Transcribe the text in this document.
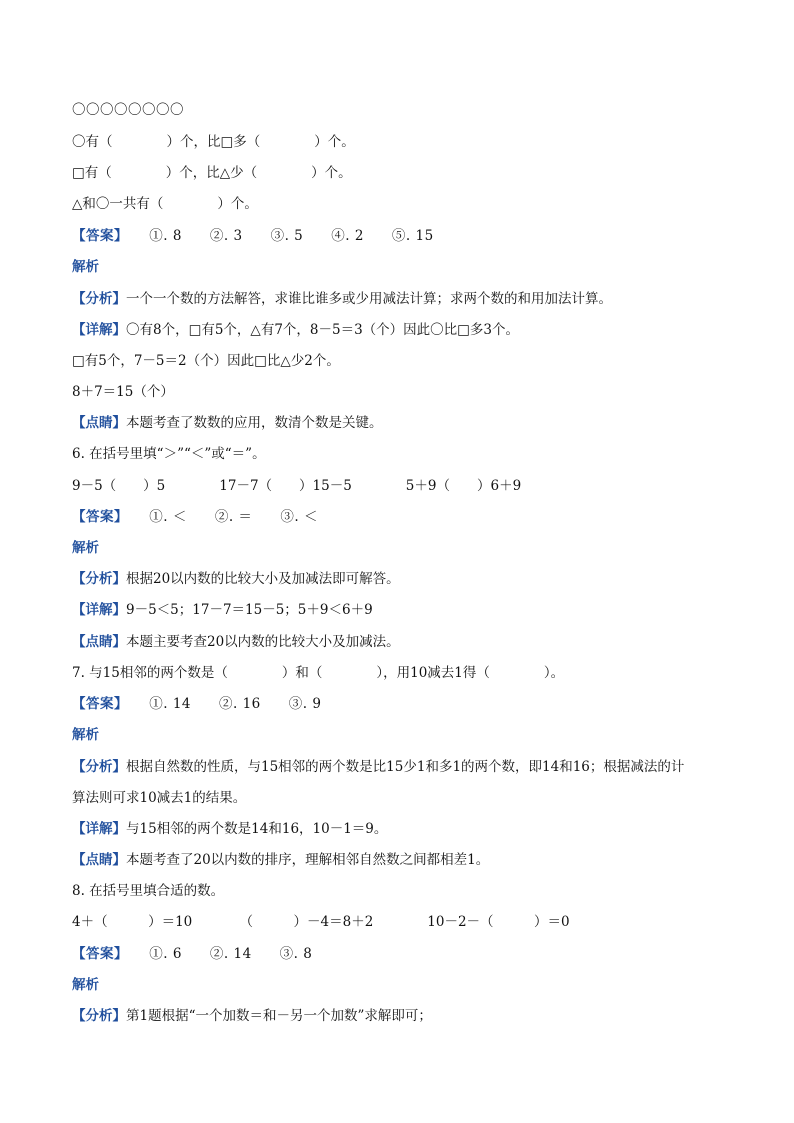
〇〇〇〇〇〇〇〇
〇有（　　　　）个，比□多（　　　　）个。
□有（　　　　）个，比△少（　　　　）个。
△和〇一共有（　　　　）个。
【答案】　　①. 8　　②. 3　　③. 5　　④. 2　　⑤. 15
解析
【分析】一个一个数的方法解答，求谁比谁多或少用减法计算；求两个数的和用加法计算。
【详解】〇有8个，□有5个，△有7个，8－5＝3（个）因此〇比□多3个。
□有5个，7－5＝2（个）因此□比△少2个。
8＋7＝15（个）
【点睛】本题考查了数数的应用，数清个数是关键。
6. 在括号里填“＞”“＜”或“＝”。
9－5（　　）5　　　　17－7（　　）15－5　　　　5＋9（　　）6＋9
【答案】　　①. ＜　　②. ＝　　③. ＜
解析
【分析】根据20以内数的比较大小及加减法即可解答。
【详解】9－5＜5；17－7＝15－5；5＋9＜6＋9
【点睛】本题主要考查20以内数的比较大小及加减法。
7. 与15相邻的两个数是（　　　　）和（　　　　），用10减去1得（　　　　）。
【答案】　　①. 14　　②. 16　　③. 9
解析
【分析】根据自然数的性质，与15相邻的两个数是比15少1和多1的两个数，即14和16；根据减法的计
算法则可求10减去1的结果。
【详解】与15相邻的两个数是14和16，10－1＝9。
【点睛】本题考查了20以内数的排序，理解相邻自然数之间都相差1。
8. 在括号里填合适的数。
4＋（　　　）＝10　　　　（　　　）－4＝8＋2　　　　10－2－（　　　）＝0
【答案】　　①. 6　　②. 14　　③. 8
解析
【分析】第1题根据“一个加数＝和－另一个加数”求解即可；
